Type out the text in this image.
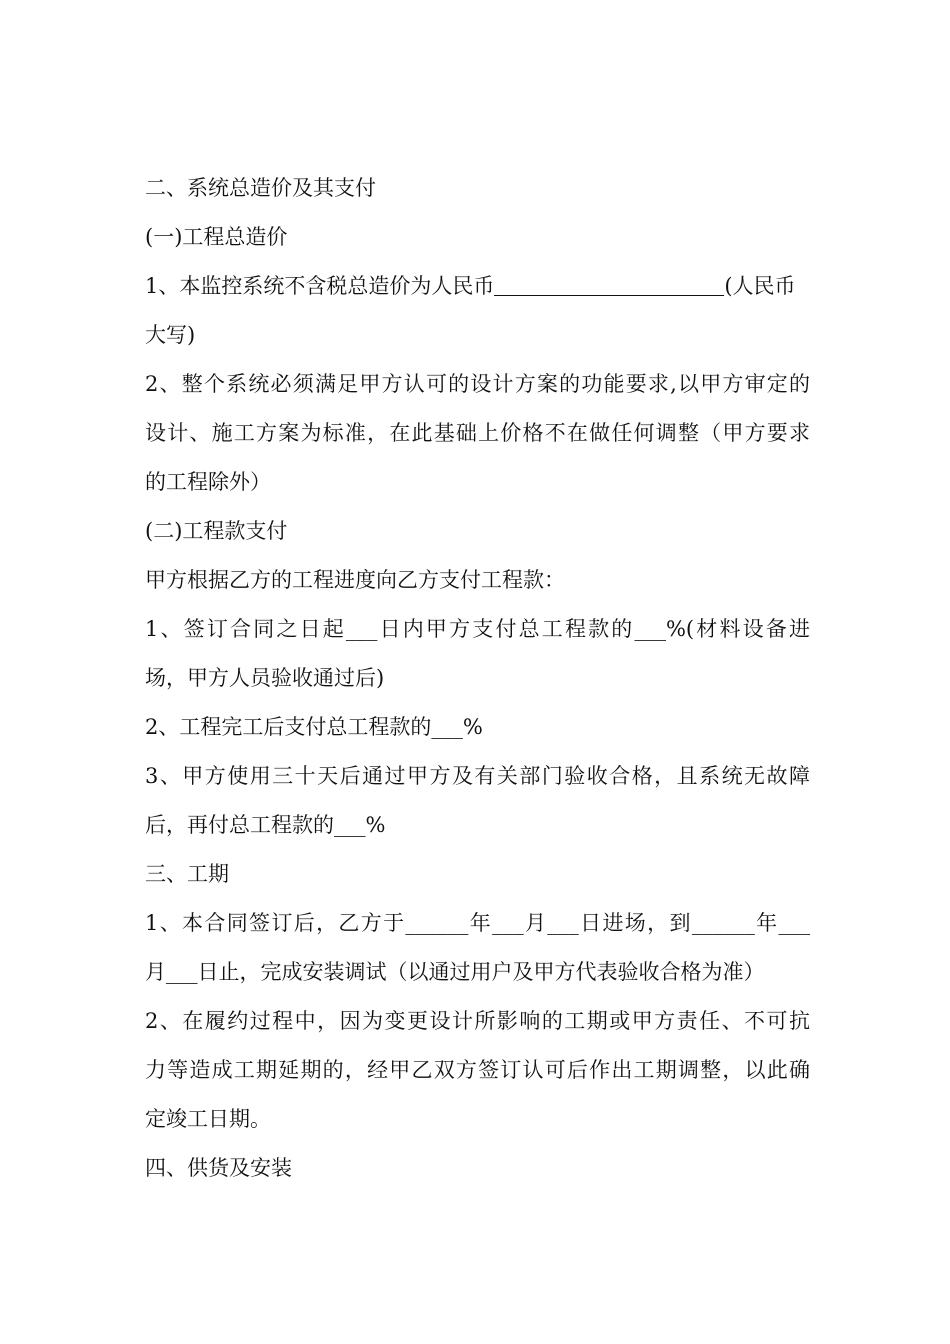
二、系统总造价及其支付
(一)工程总造价
1、本监控系统不含税总造价为人民币	(人民币
大写)
2、整个系统必须满足甲方认可的设计方案的功能要求,以甲方审定的
设计、施工方案为标准，在此基础上价格不在做任何调整（甲方要求
的工程除外）
(二)工程款支付
甲方根据乙方的工程进度向乙方支付工程款：
1、签订合同之日起___日内甲方支付总工程款的___%(材料设备进
场，甲方人员验收通过后)
2、工程完工后支付总工程款的___%
3、甲方使用三十天后通过甲方及有关部门验收合格，且系统无故障
后，再付总工程款的___%
三、工期
1、本合同签订后，乙方于______年___月___日进场，到______年___
月___日止，完成安装调试（以通过用户及甲方代表验收合格为准）
2、在履约过程中，因为变更设计所影响的工期或甲方责任、不可抗
力等造成工期延期的，经甲乙双方签订认可后作出工期调整，以此确
定竣工日期。
四、供货及安装
